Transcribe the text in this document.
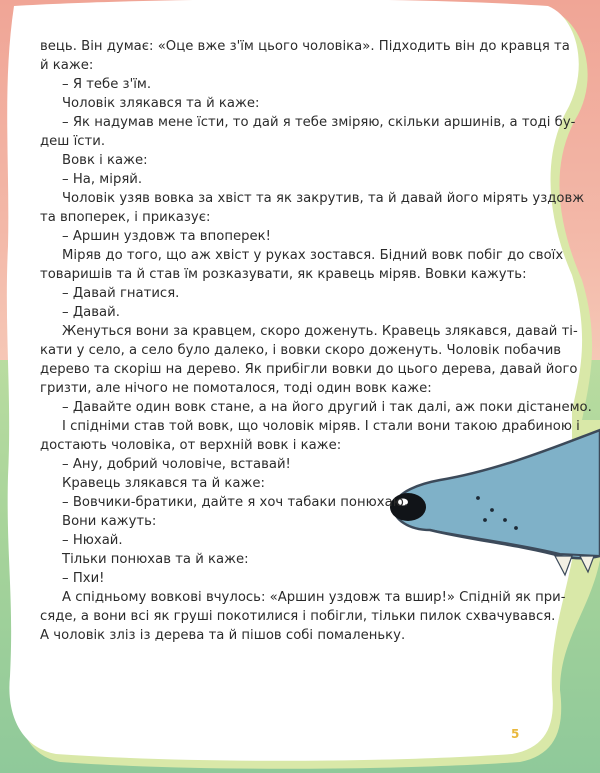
вець. Він думає: «Оце вже з'їм цього чоловіка». Підходить він до кравця та
й каже:
– Я тебе з'їм.
Чоловік злякався та й каже:
– Як надумав мене їсти, то дай я тебе зміряю, скільки аршинів, а тоді бу-
деш їсти.
Вовк і каже:
– На, міряй.
Чоловік узяв вовка за хвіст та як закрутив, та й давай його мірять уздовж
та впоперек, і приказує:
– Аршин уздовж та впоперек!
Міряв до того, що аж хвіст у руках зостався. Бідний вовк побіг до своїх
товаришів та й став їм розказувати, як кравець міряв. Вовки кажуть:
– Давай гнатися.
– Давай.
Женуться вони за кравцем, скоро доженуть. Кравець злякався, давай ті-
кати у село, а село було далеко, і вовки скоро доженуть. Чоловік побачив
дерево та скоріш на дерево. Як прибігли вовки до цього дерева, давай його
гризти, але нічого не помоталося, тоді один вовк каже:
– Давайте один вовк стане, а на його другий і так далі, аж поки дістанемо.
І спідніми став той вовк, що чоловік міряв. І стали вони такою драбиною і
достають чоловіка, от верхній вовк і каже:
– Ану, добрий чоловіче, вставай!
Кравець злякався та й каже:
– Вовчики-братики, дайте я хоч табаки понюхаю.
Вони кажуть:
– Нюхай.
Тільки понюхав та й каже:
– Пхи!
А спідньому вовкові вчулось: «Аршин уздовж та вшир!» Спідній як при-
сяде, а вони всі як груші покотилися і побігли, тільки пилок схвачувався.
А чоловік зліз із дерева та й пішов собі помаленьку.
5
